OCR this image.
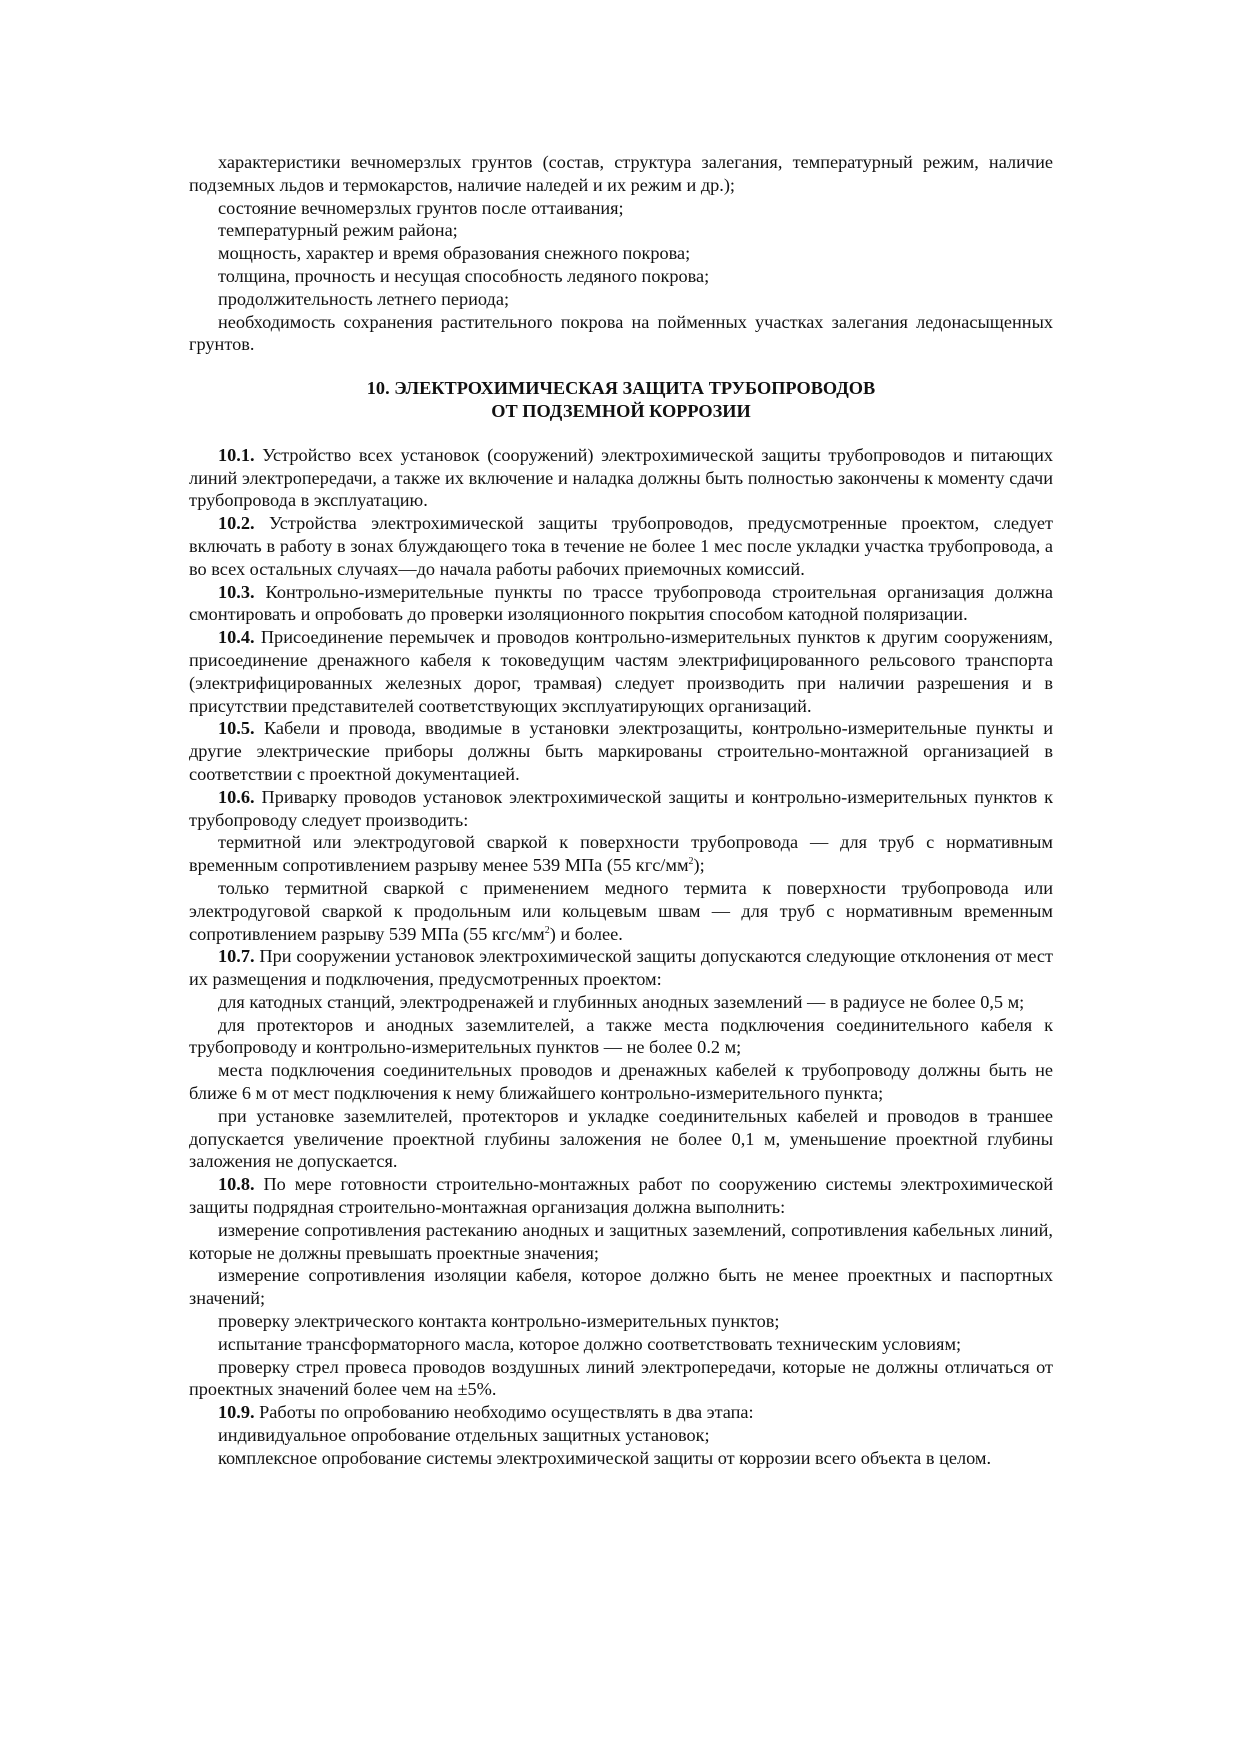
характеристики вечномерзлых грунтов (состав, структура залегания, температурный режим, наличие подземных льдов и термокарстов, наличие наледей и их режим и др.);

состояние вечномерзлых грунтов после оттаивания;

температурный режим района;

мощность, характер и время образования снежного покрова;

толщина, прочность и несущая способность ледяного покрова;

продолжительность летнего периода;

необходимость сохранения растительного покрова на пойменных участках залегания ледонасыщенных грунтов.

10. ЭЛЕКТРОХИМИЧЕСКАЯ ЗАЩИТА ТРУБОПРОВОДОВ
ОТ ПОДЗЕМНОЙ КОРРОЗИИ

10.1. Устройство всех установок (сооружений) электрохимической защиты трубопроводов и питающих линий электропередачи, а также их включение и наладка должны быть полностью закончены к моменту сдачи трубопровода в эксплуатацию.

10.2. Устройства электрохимической защиты трубопроводов, предусмотренные проектом, следует включать в работу в зонах блуждающего тока в течение не более 1 мес после укладки участка трубопровода, а во всех остальных случаях—до начала работы рабочих приемочных комиссий.

10.3. Контрольно-измерительные пункты по трассе трубопровода строительная организация должна смонтировать и опробовать до проверки изоляционного покрытия способом катодной поляризации.

10.4. Присоединение перемычек и проводов контрольно-измерительных пунктов к другим сооружениям, присоединение дренажного кабеля к токоведущим частям электрифицированного рельсового транспорта (электрифицированных железных дорог, трамвая) следует производить при наличии разрешения и в присутствии представителей соответствующих эксплуатирующих организаций.

10.5. Кабели и провода, вводимые в установки электрозащиты, контрольно-измерительные пункты и другие электрические приборы должны быть маркированы строительно-монтажной организацией в соответствии с проектной документацией.

10.6. Приварку проводов установок электрохимической защиты и контрольно-измерительных пунктов к трубопроводу следует производить:

термитной или электродуговой сваркой к поверхности трубопровода — для труб с нормативным временным сопротивлением разрыву менее 539 МПа (55 кгс/$мм^2$);

только термитной сваркой с применением медного термита к поверхности трубопровода или электродуговой сваркой к продольным или кольцевым швам — для труб с нормативным временным сопротивлением разрыву 539 МПа (55 кгс/$мм^2$) и более.

10.7. При сооружении установок электрохимической защиты допускаются следующие отклонения от мест их размещения и подключения, предусмотренных проектом:

для катодных станций, электродренажей и глубинных анодных заземлений — в радиусе не более 0,5 м;

для протекторов и анодных заземлителей, а также места подключения соединительного кабеля к трубопроводу и контрольно-измерительных пунктов — не более 0.2 м;

места подключения соединительных проводов и дренажных кабелей к трубопроводу должны быть не ближе 6 м от мест подключения к нему ближайшего контрольно-измерительного пункта;

при установке заземлителей, протекторов и укладке соединительных кабелей и проводов в траншее допускается увеличение проектной глубины заложения не более 0,1 м, уменьшение проектной глубины заложения не допускается.

10.8. По мере готовности строительно-монтажных работ по сооружению системы электрохимической защиты подрядная строительно-монтажная организация должна выполнить:

измерение сопротивления растеканию анодных и защитных заземлений, сопротивления кабельных линий, которые не должны превышать проектные значения;

измерение сопротивления изоляции кабеля, которое должно быть не менее проектных и паспортных значений;

проверку электрического контакта контрольно-измерительных пунктов;

испытание трансформаторного масла, которое должно соответствовать техническим условиям;

проверку стрел провеса проводов воздушных линий электропередачи, которые не должны отличаться от проектных значений более чем на ±5%.

10.9. Работы по опробованию необходимо осуществлять в два этапа:

индивидуальное опробование отдельных защитных установок;

комплексное опробование системы электрохимической защиты от коррозии всего объекта в целом.
